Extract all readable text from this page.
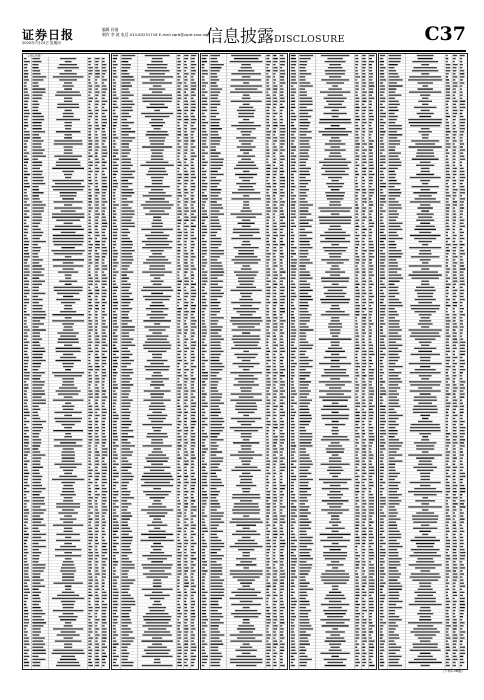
证券日报
2020年7月23日 星期四
编辑 孙倩
制作 李 波 电话 010-83251716 E-mail zqrb@zqrb.sina.net
信息披露DISCLOSURE	C37
（上接C36版）
（下转C38版）
